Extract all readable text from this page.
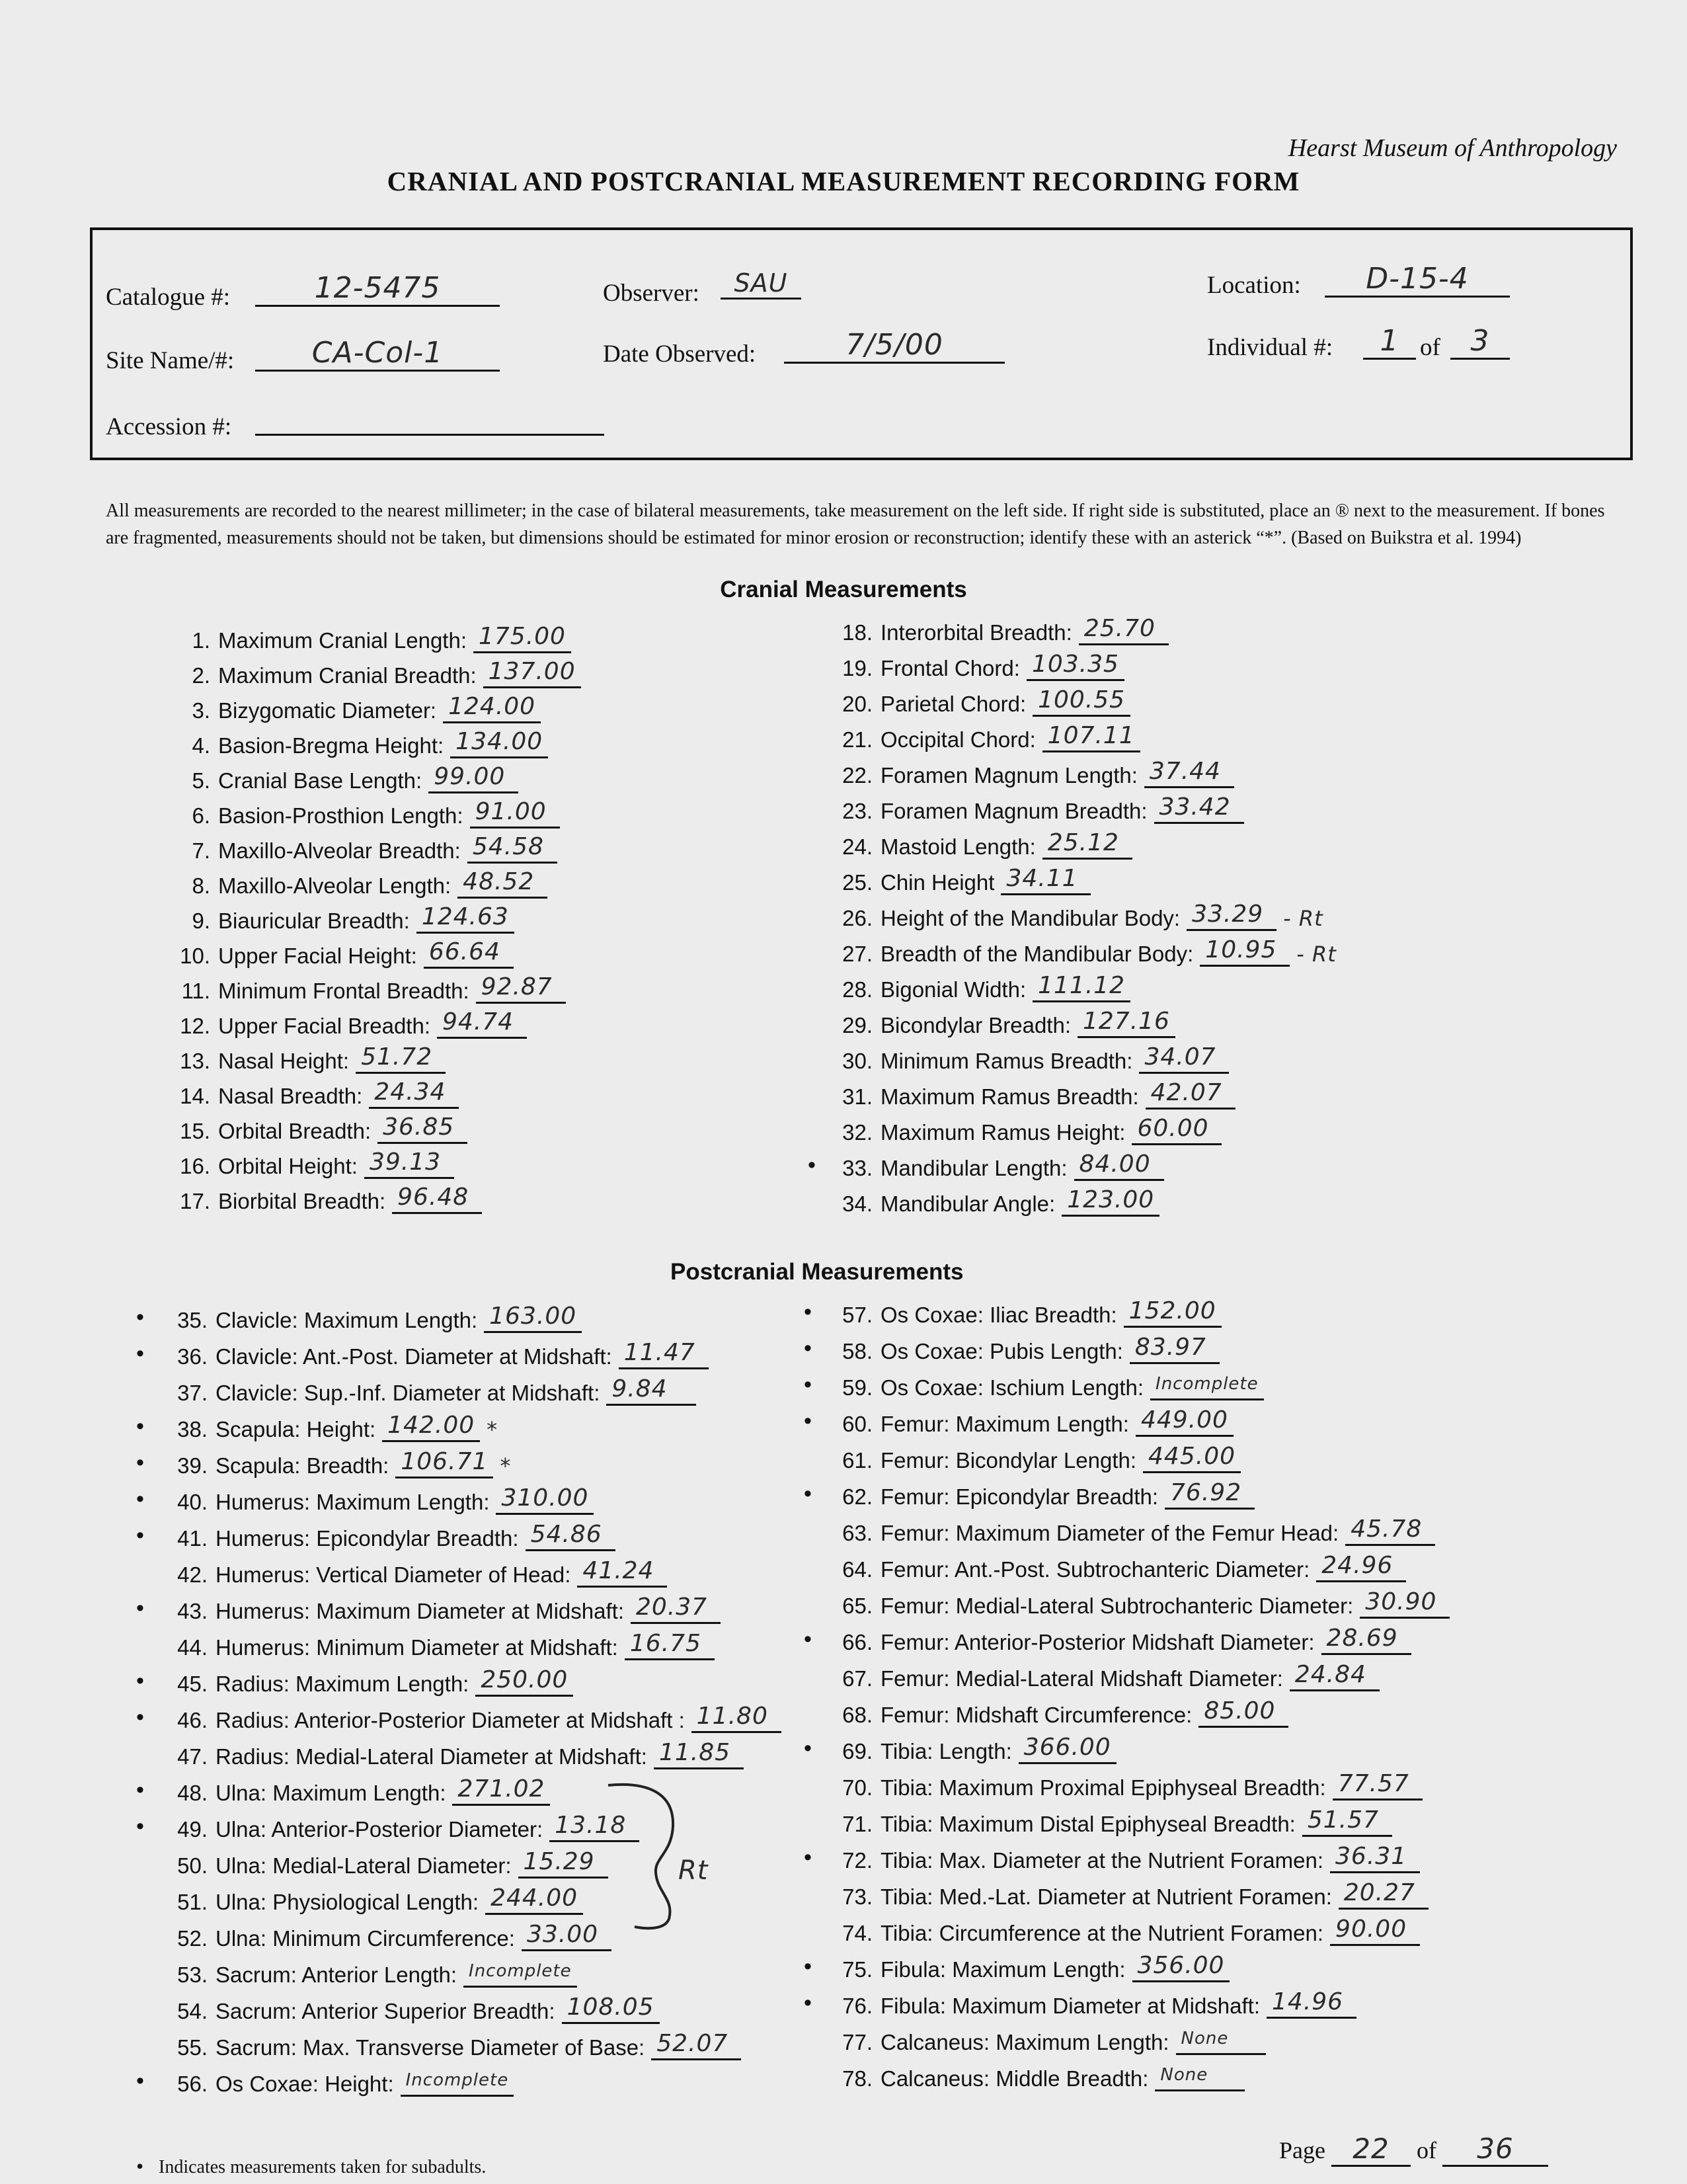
Hearst Museum of Anthropology
CRANIAL AND POSTCRANIAL MEASUREMENT RECORDING FORM
Catalogue #:	12-5475	Observer:	SAU	Location:	D-15-4
Site Name/#:	CA-Col-1	Date Observed:	7/5/00	Individual #:	1 of	3
Accession #:
All measurements are recorded to the nearest millimeter; in the case of bilateral measurements, take measurement on the left side. If right side is substituted, place an ® next to the measurement. If bones are fragmented, measurements should not be taken, but dimensions should be estimated for minor erosion or reconstruction; identify these with an asterick “*”. (Based on Buikstra et al. 1994)
Cranial Measurements
1. Maximum Cranial Length: 175.00
2. Maximum Cranial Breadth: 137.00
3. Bizygomatic Diameter: 124.00
4. Basion-Bregma Height: 134.00
5. Cranial Base Length: 99.00
6. Basion-Prosthion Length: 91.00
7. Maxillo-Alveolar Breadth: 54.58
8. Maxillo-Alveolar Length: 48.52
9. Biauricular Breadth: 124.63
10. Upper Facial Height: 66.64
11. Minimum Frontal Breadth: 92.87
12. Upper Facial Breadth: 94.74
13. Nasal Height: 51.72
14. Nasal Breadth: 24.34
15. Orbital Breadth: 36.85
16. Orbital Height: 39.13
17. Biorbital Breadth: 96.48
18. Interorbital Breadth: 25.70
19. Frontal Chord: 103.35
20. Parietal Chord: 100.55
21. Occipital Chord: 107.11
22. Foramen Magnum Length: 37.44
23. Foramen Magnum Breadth: 33.42
24. Mastoid Length: 25.12
25. Chin Height 34.11
26. Height of the Mandibular Body: 33.29 - Rt
27. Breadth of the Mandibular Body: 10.95 - Rt
28. Bigonial Width: 111.12
29. Bicondylar Breadth: 127.16
30. Minimum Ramus Breadth: 34.07
31. Maximum Ramus Breadth: 42.07
32. Maximum Ramus Height: 60.00
•	33. Mandibular Length: 84.00
34. Mandibular Angle: 123.00
Postcranial Measurements
•	35. Clavicle: Maximum Length: 163.00
•	36. Clavicle: Ant.-Post. Diameter at Midshaft: 11.47
37. Clavicle: Sup.-Inf. Diameter at Midshaft: 9.84
•	38. Scapula: Height: 142.00 *
•	39. Scapula: Breadth: 106.71 *
•	40. Humerus: Maximum Length: 310.00
•	41. Humerus: Epicondylar Breadth: 54.86
42. Humerus: Vertical Diameter of Head: 41.24
•	43. Humerus: Maximum Diameter at Midshaft: 20.37
44. Humerus: Minimum Diameter at Midshaft: 16.75
•	45. Radius: Maximum Length: 250.00
•	46. Radius: Anterior-Posterior Diameter at Midshaft : 11.80
47. Radius: Medial-Lateral Diameter at Midshaft: 11.85
•	48. Ulna: Maximum Length: 271.02
•	49. Ulna: Anterior-Posterior Diameter: 13.18
50. Ulna: Medial-Lateral Diameter: 15.29
51. Ulna: Physiological Length: 244.00
52. Ulna: Minimum Circumference: 33.00
53. Sacrum: Anterior Length: Incomplete
54. Sacrum: Anterior Superior Breadth: 108.05
55. Sacrum: Max. Transverse Diameter of Base: 52.07
•	56. Os Coxae: Height: Incomplete
Rt
•	57. Os Coxae: Iliac Breadth: 152.00
•	58. Os Coxae: Pubis Length: 83.97
•	59. Os Coxae: Ischium Length: Incomplete
•	60. Femur: Maximum Length: 449.00
61. Femur: Bicondylar Length: 445.00
•	62. Femur: Epicondylar Breadth: 76.92
63. Femur: Maximum Diameter of the Femur Head: 45.78
64. Femur: Ant.-Post. Subtrochanteric Diameter: 24.96
65. Femur: Medial-Lateral Subtrochanteric Diameter: 30.90
•	66. Femur: Anterior-Posterior Midshaft Diameter: 28.69
67. Femur: Medial-Lateral Midshaft Diameter: 24.84
68. Femur: Midshaft Circumference: 85.00
•	69. Tibia: Length: 366.00
70. Tibia: Maximum Proximal Epiphyseal Breadth: 77.57
71. Tibia: Maximum Distal Epiphyseal Breadth: 51.57
•	72. Tibia: Max. Diameter at the Nutrient Foramen: 36.31
73. Tibia: Med.-Lat. Diameter at Nutrient Foramen: 20.27
74. Tibia: Circumference at the Nutrient Foramen: 90.00
•	75. Fibula: Maximum Length: 356.00
•	76. Fibula: Maximum Diameter at Midshaft: 14.96
77. Calcaneus: Maximum Length: None
78. Calcaneus: Middle Breadth: None
Page 22 of 36
• Indicates measurements taken for subadults.
